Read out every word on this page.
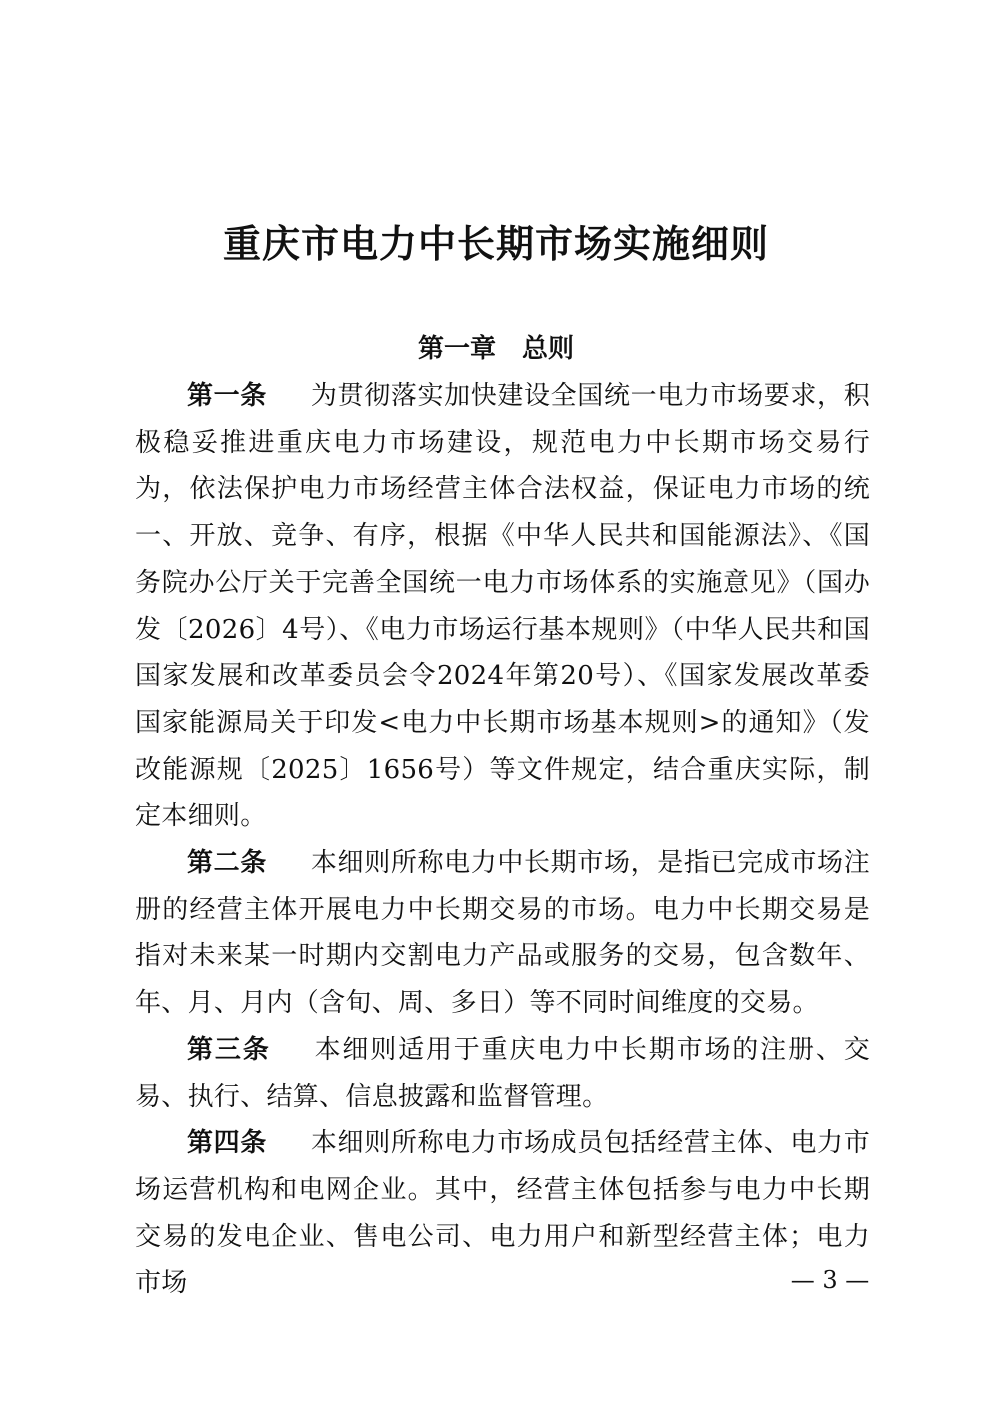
重庆市电力中长期市场实施细则
第一章　总则

第一条 为贯彻落实加快建设全国统一电力市场要求，积极稳妥推进重庆电力市场建设，规范电力中长期市场交易行为，依法保护电力市场经营主体合法权益，保证电力市场的统一、开放、竞争、有序，根据《中华人民共和国能源法》、《国务院办公厅关于完善全国统一电力市场体系的实施意见》（国办发〔2026〕4号）、《电力市场运行基本规则》（中华人民共和国国家发展和改革委员会令2024年第20号）、《国家发展改革委 国家能源局关于印发<电力中长期市场基本规则>的通知》（发改能源规〔2025〕1656号）等文件规定，结合重庆实际，制定本细则。

第二条 本细则所称电力中长期市场，是指已完成市场注册的经营主体开展电力中长期交易的市场。电力中长期交易是指对未来某一时期内交割电力产品或服务的交易，包含数年、年、月、月内（含旬、周、多日）等不同时间维度的交易。

第三条 本细则适用于重庆电力中长期市场的注册、交易、执行、结算、信息披露和监督管理。

第四条 本细则所称电力市场成员包括经营主体、电力市场运营机构和电网企业。其中，经营主体包括参与电力中长期交易的发电企业、售电公司、电力用户和新型经营主体；电力市场	— 3 —
